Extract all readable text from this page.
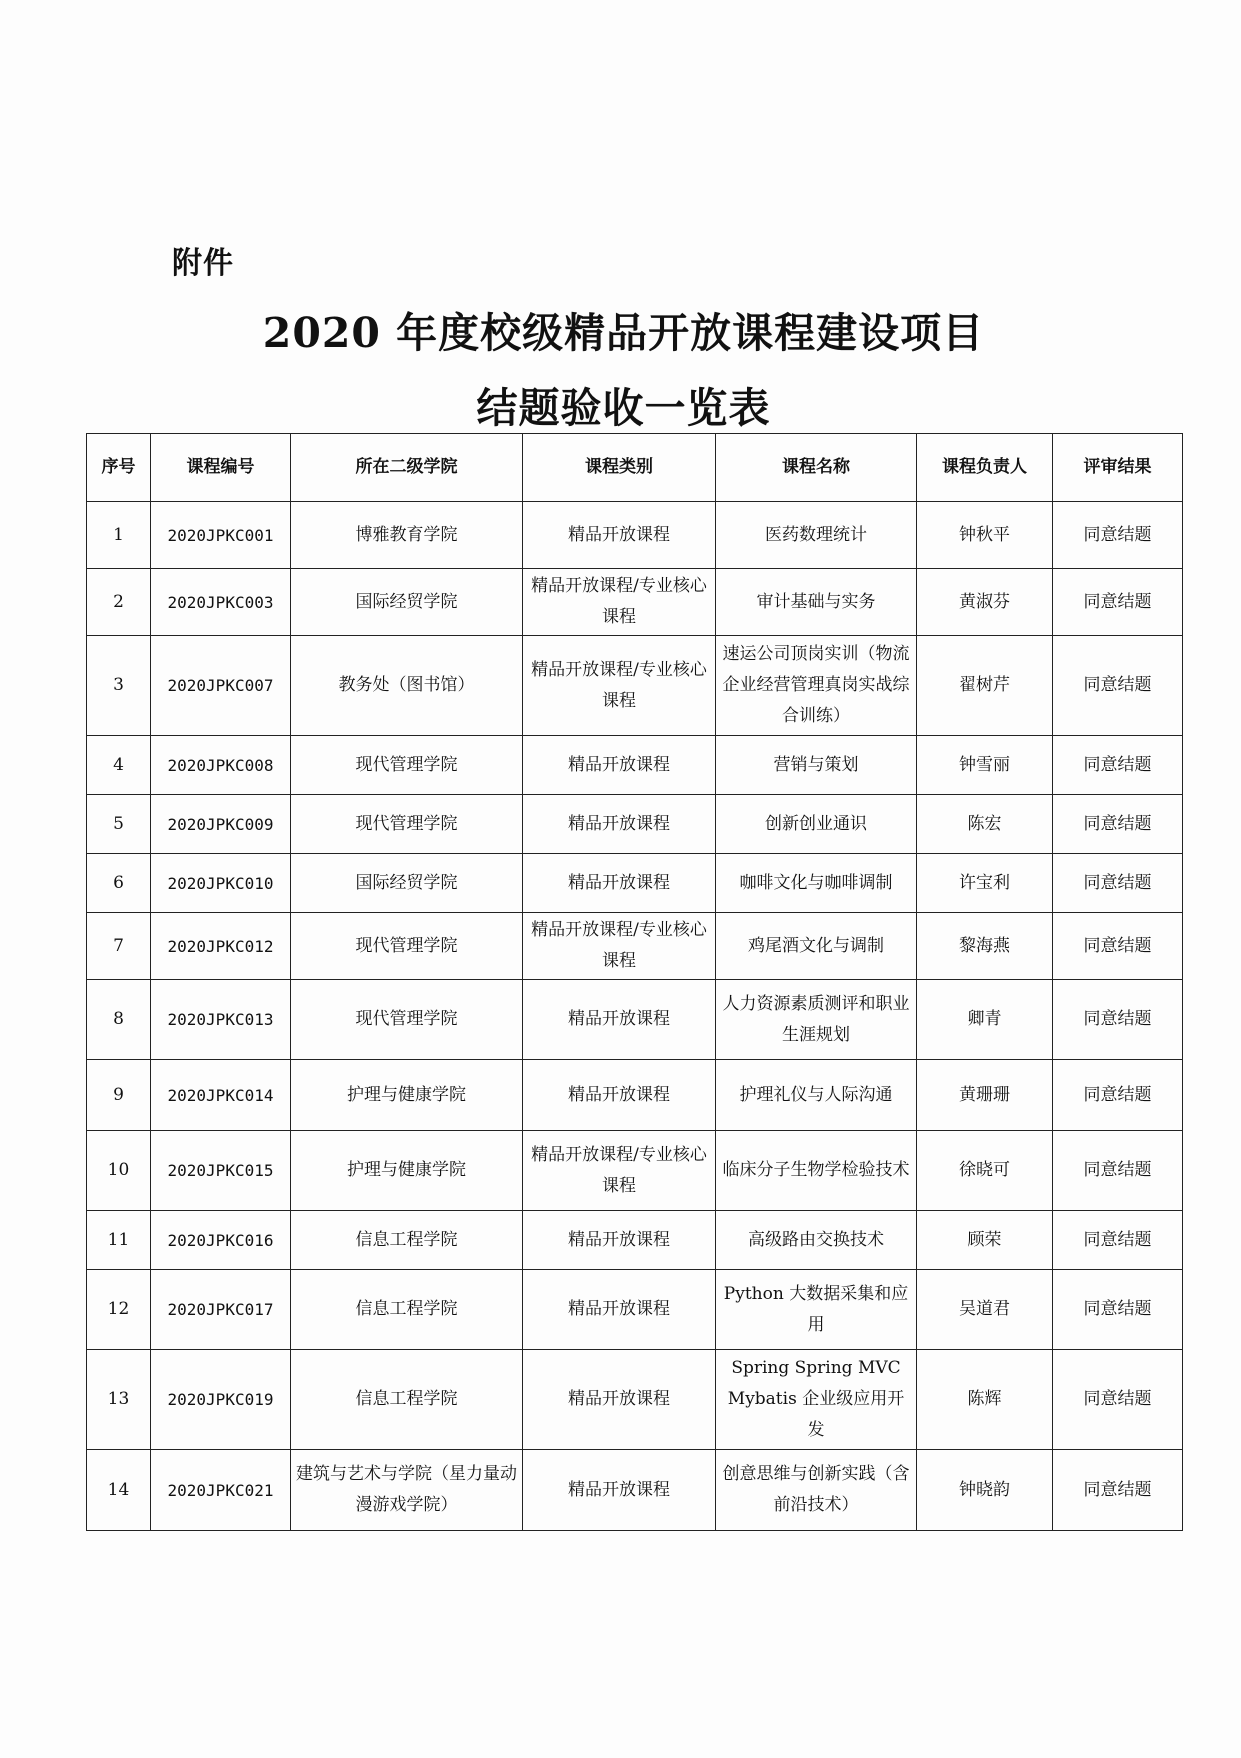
附件
2020 年度校级精品开放课程建设项目
结题验收一览表
序号	课程编号	所在二级学院	课程类别	课程名称	课程负责人	评审结果
1	2020JPKC001	博雅教育学院	精品开放课程	医药数理统计	钟秋平	同意结题
2	2020JPKC003	国际经贸学院	精品开放课程/专业核心课程	审计基础与实务	黄淑芬	同意结题
3	2020JPKC007	教务处（图书馆）	精品开放课程/专业核心课程	速运公司顶岗实训（物流企业经营管理真岗实战综合训练）	翟树芹	同意结题
4	2020JPKC008	现代管理学院	精品开放课程	营销与策划	钟雪丽	同意结题
5	2020JPKC009	现代管理学院	精品开放课程	创新创业通识	陈宏	同意结题
6	2020JPKC010	国际经贸学院	精品开放课程	咖啡文化与咖啡调制	许宝利	同意结题
7	2020JPKC012	现代管理学院	精品开放课程/专业核心课程	鸡尾酒文化与调制	黎海燕	同意结题
8	2020JPKC013	现代管理学院	精品开放课程	人力资源素质测评和职业生涯规划	卿青	同意结题
9	2020JPKC014	护理与健康学院	精品开放课程	护理礼仪与人际沟通	黄珊珊	同意结题
10	2020JPKC015	护理与健康学院	精品开放课程/专业核心课程	临床分子生物学检验技术	徐晓可	同意结题
11	2020JPKC016	信息工程学院	精品开放课程	高级路由交换技术	顾荣	同意结题
12	2020JPKC017	信息工程学院	精品开放课程	Python 大数据采集和应用	吴道君	同意结题
13	2020JPKC019	信息工程学院	精品开放课程	Spring Spring MVC Mybatis 企业级应用开发	陈辉	同意结题
14	2020JPKC021	建筑与艺术与学院（星力量动漫游戏学院）	精品开放课程	创意思维与创新实践（含前沿技术）	钟晓韵	同意结题
